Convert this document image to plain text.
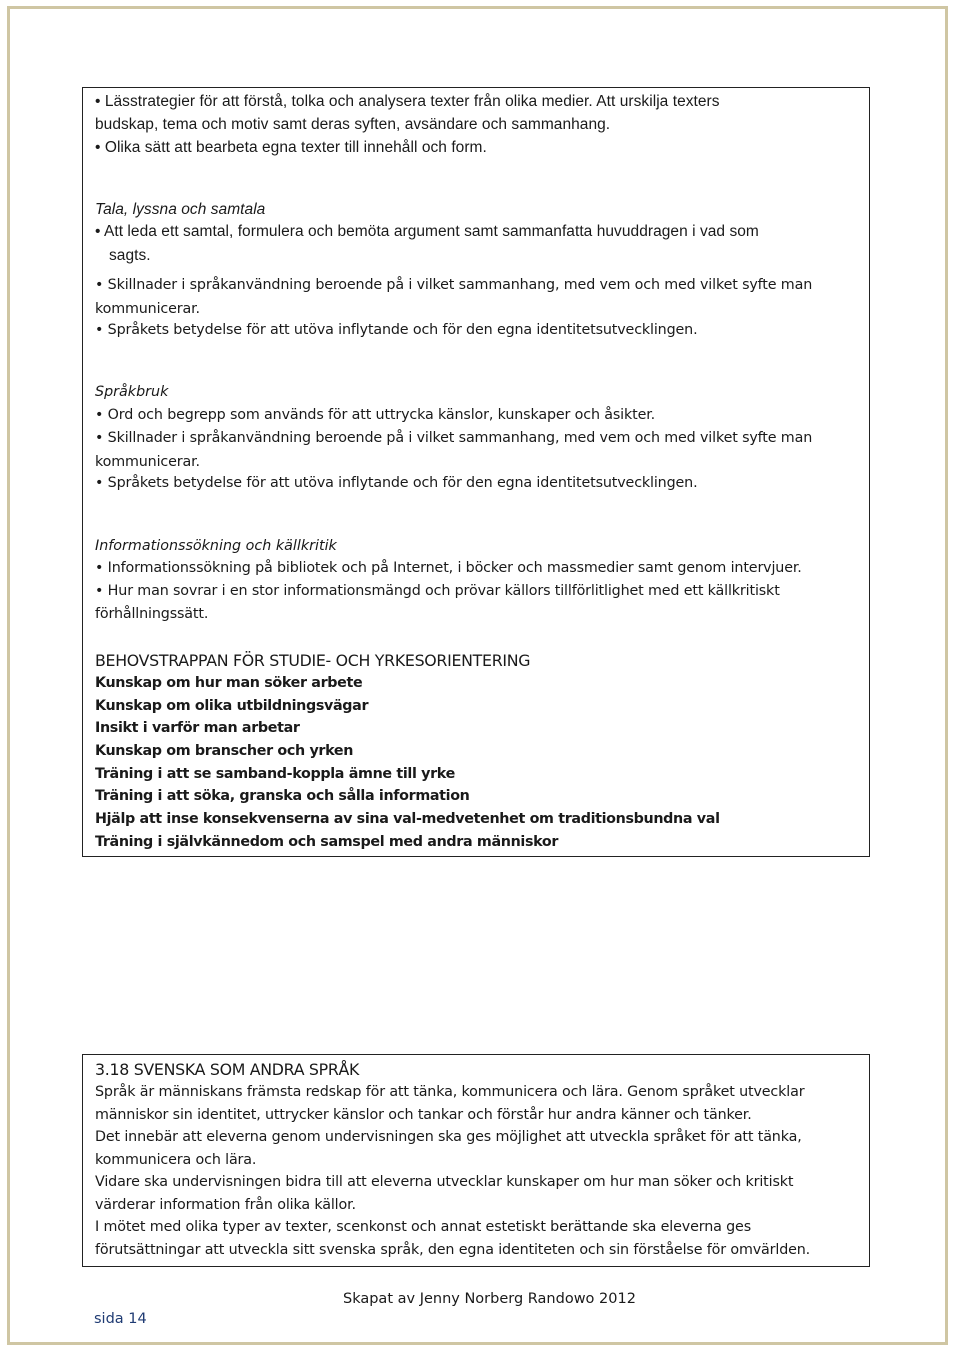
• Lässtrategier för att förstå, tolka och analysera texter från olika medier. Att urskilja texters
budskap, tema och motiv samt deras syften, avsändare och sammanhang.
• Olika sätt att bearbeta egna texter till innehåll och form.
Tala, lyssna och samtala
• Att leda ett samtal, formulera och bemöta argument samt sammanfatta huvuddragen i vad som
sagts.
• Skillnader i språkanvändning beroende på i vilket sammanhang, med vem och med vilket syfte man
kommunicerar.
• Språkets betydelse för att utöva inflytande och för den egna identitetsutvecklingen.
Språkbruk
• Ord och begrepp som används för att uttrycka känslor, kunskaper och åsikter.
• Skillnader i språkanvändning beroende på i vilket sammanhang, med vem och med vilket syfte man
kommunicerar.
• Språkets betydelse för att utöva inflytande och för den egna identitetsutvecklingen.
Informationssökning och källkritik
• Informationssökning på bibliotek och på Internet, i böcker och massmedier samt genom intervjuer.
• Hur man sovrar i en stor informationsmängd och prövar källors tillförlitlighet med ett källkritiskt
förhållningssätt.
BEHOVSTRAPPAN FÖR STUDIE- OCH YRKESORIENTERING
Kunskap om hur man söker arbete
Kunskap om olika utbildningsvägar
Insikt i varför man arbetar
Kunskap om branscher och yrken
Träning i att se samband-koppla ämne till yrke
Träning i att söka, granska och sålla information
Hjälp att inse konsekvenserna av sina val-medvetenhet om traditionsbundna val
Träning i självkännedom och samspel med andra människor
3.18 SVENSKA SOM ANDRA SPRÅK
Språk är människans främsta redskap för att tänka, kommunicera och lära. Genom språket utvecklar
människor sin identitet, uttrycker känslor och tankar och förstår hur andra känner och tänker.
Det innebär att eleverna genom undervisningen ska ges möjlighet att utveckla språket för att tänka,
kommunicera och lära.
Vidare ska undervisningen bidra till att eleverna utvecklar kunskaper om hur man söker och kritiskt
värderar information från olika källor.
I mötet med olika typer av texter, scenkonst och annat estetiskt berättande ska eleverna ges
förutsättningar att utveckla sitt svenska språk, den egna identiteten och sin förståelse för omvärlden.
Skapat av Jenny Norberg Randowo 2012
sida 14
